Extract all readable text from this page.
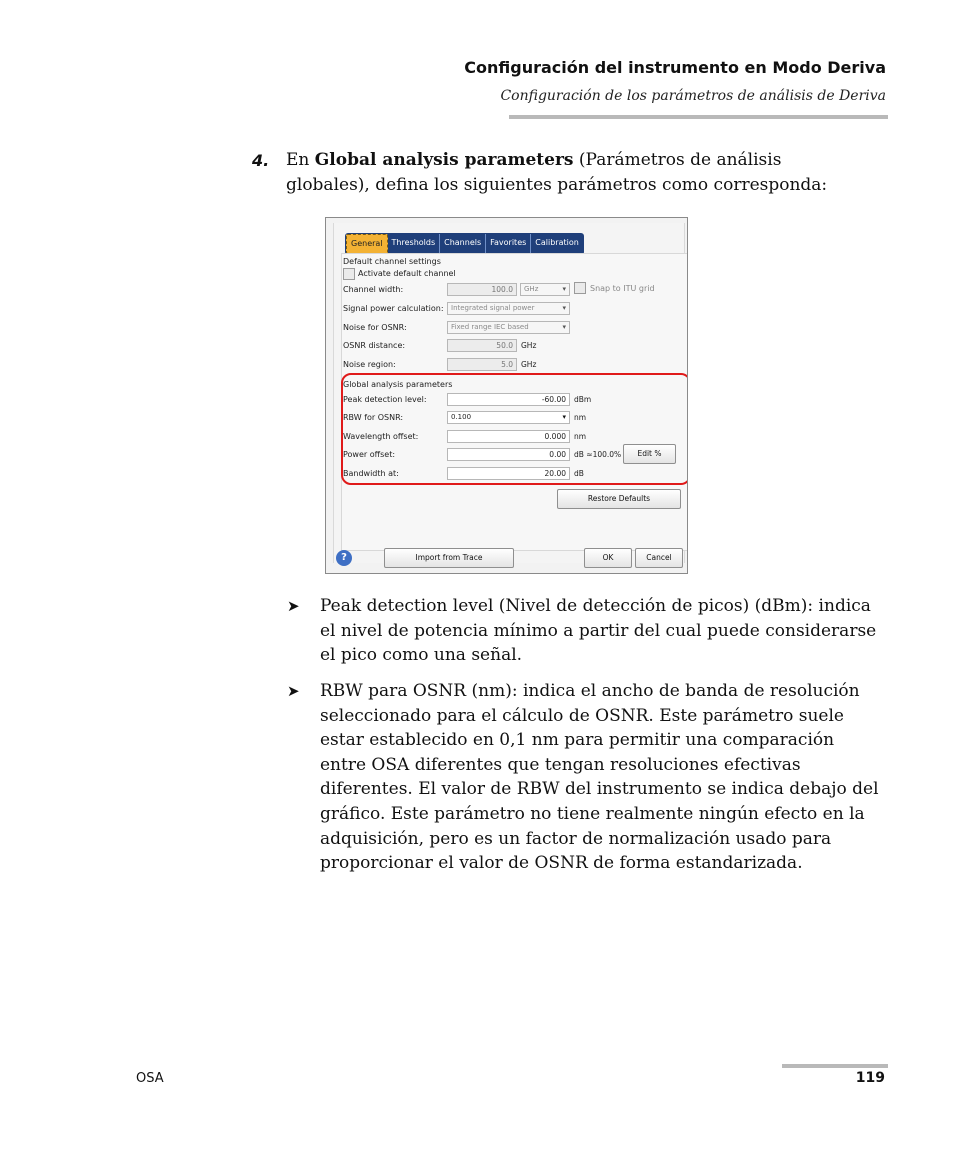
Configuración del instrumento en Modo Deriva
Configuración de los parámetros de análisis de Deriva
4. En Global analysis parameters (Parámetros de análisis globales), defina los siguientes parámetros como corresponda:
General	Thresholds	Channels	Favorites	Calibration
Default channel settings
Activate default channel
Channel width:	100.0	GHz	▾	Snap to ITU grid
Signal power calculation:	Integrated signal power	▾
Noise for OSNR:	Fixed range IEC based	▾
OSNR distance:	50.0	GHz
Noise region:	5.0	GHz
Global analysis parameters
Peak detection level:	-60.00	dBm
RBW for OSNR:	0.100	▾ nm
Wavelength offset:	0.000	nm
Power offset:	0.00	dB ≈100.0%	Edit %
Bandwidth at:	20.00	dB
Restore Defaults
?	Import from Trace	OK	Cancel
➤ Peak detection level (Nivel de detección de picos) (dBm): indica el nivel de potencia mínimo a partir del cual puede considerarse el pico como una señal.
➤ RBW para OSNR (nm): indica el ancho de banda de resolución seleccionado para el cálculo de OSNR. Este parámetro suele estar establecido en 0,1 nm para permitir una comparación entre OSA diferentes que tengan resoluciones efectivas diferentes. El valor de RBW del instrumento se indica debajo del gráfico. Este parámetro no tiene realmente ningún efecto en la adquisición, pero es un factor de normalización usado para proporcionar el valor de OSNR de forma estandarizada.
OSA	119
